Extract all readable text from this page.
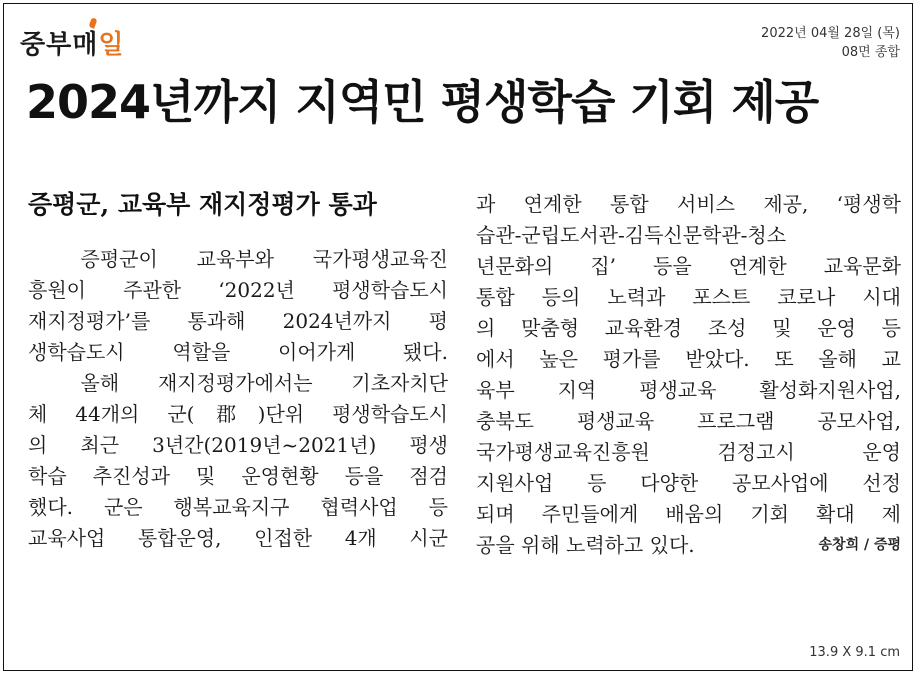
중부매일	2022년 04월 28일 (목)
08면 종합
2024년까지 지역민 평생학습 기회 제공
증평군, 교육부 재지정평가 통과
　증평군이 교육부와 국가평생교육진
흥원이 주관한 ‘2022년 평생학습도시
재지정평가’를 통과해 2024년까지 평
생학습도시 역할을 이어가게 됐다.
　올해 재지정평가에서는 기초자치단
체 44개의 군(郡)단위 평생학습도시
의 최근 3년간(2019년~2021년) 평생
학습 추진성과 및 운영현황 등을 점검
했다. 군은 행복교육지구 협력사업 등
교육사업 통합운영, 인접한 4개 시군
과 연계한 통합 서비스 제공, ‘평생학
습관-군립도서관-김득신문학관-청소
년문화의 집’ 등을 연계한 교육문화
통합 등의 노력과 포스트 코로나 시대
의 맞춤형 교육환경 조성 및 운영 등
에서 높은 평가를 받았다. 또 올해 교
육부 지역 평생교육 활성화지원사업,
충북도 평생교육 프로그램 공모사업,
국가평생교육진흥원 검정고시 운영
지원사업 등 다양한 공모사업에 선정
되며 주민들에게 배움의 기회 확대 제
공을 위해 노력하고 있다.	송창희 / 증평
13.9 X 9.1 cm
